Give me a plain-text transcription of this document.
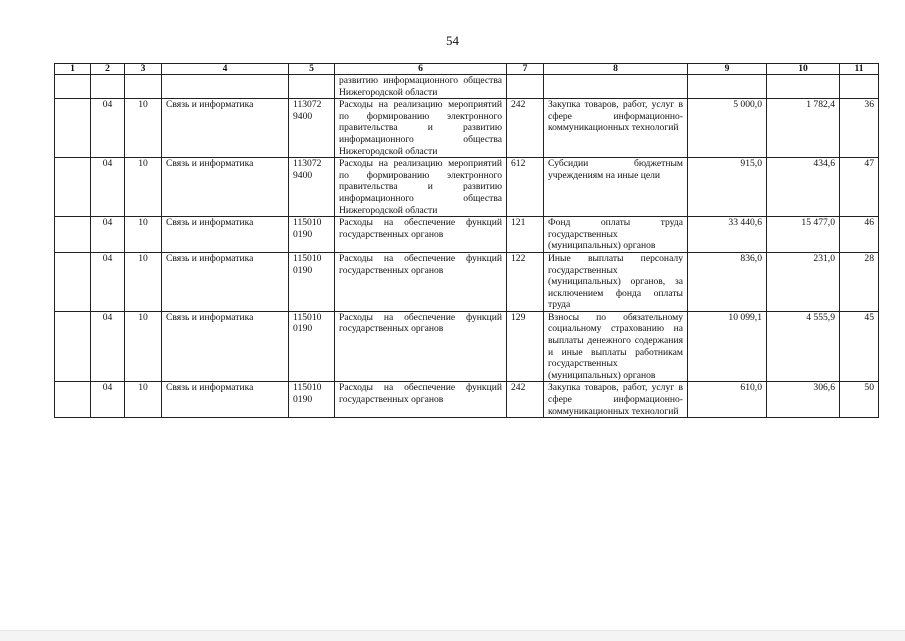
54
1	2	3	4	5	6	7	8	9	10	11
					развитию информационного общества Нижегородской области					
	04	10	Связь и информатика	113072 9400	Расходы на реализацию мероприятий по формированию электронного правительства и развитию информационного общества Нижегородской области	242	Закупка товаров, работ, услуг в сфере информационно-коммуникационных технологий	5 000,0	1 782,4	36
	04	10	Связь и информатика	113072 9400	Расходы на реализацию мероприятий по формированию электронного правительства и развитию информационного общества Нижегородской области	612	Субсидии бюджетным учреждениям на иные цели	915,0	434,6	47
	04	10	Связь и информатика	115010 0190	Расходы на обеспечение функций государственных органов	121	Фонд оплаты труда государственных (муниципальных) органов	33 440,6	15 477,0	46
	04	10	Связь и информатика	115010 0190	Расходы на обеспечение функций государственных органов	122	Иные выплаты персоналу государственных (муниципальных) органов, за исключением фонда оплаты труда	836,0	231,0	28
	04	10	Связь и информатика	115010 0190	Расходы на обеспечение функций государственных органов	129	Взносы по обязательному социальному страхованию на выплаты денежного содержания и иные выплаты работникам государственных (муниципальных) органов	10 099,1	4 555,9	45
	04	10	Связь и информатика	115010 0190	Расходы на обеспечение функций государственных органов	242	Закупка товаров, работ, услуг в сфере информационно-коммуникационных технологий	610,0	306,6	50
